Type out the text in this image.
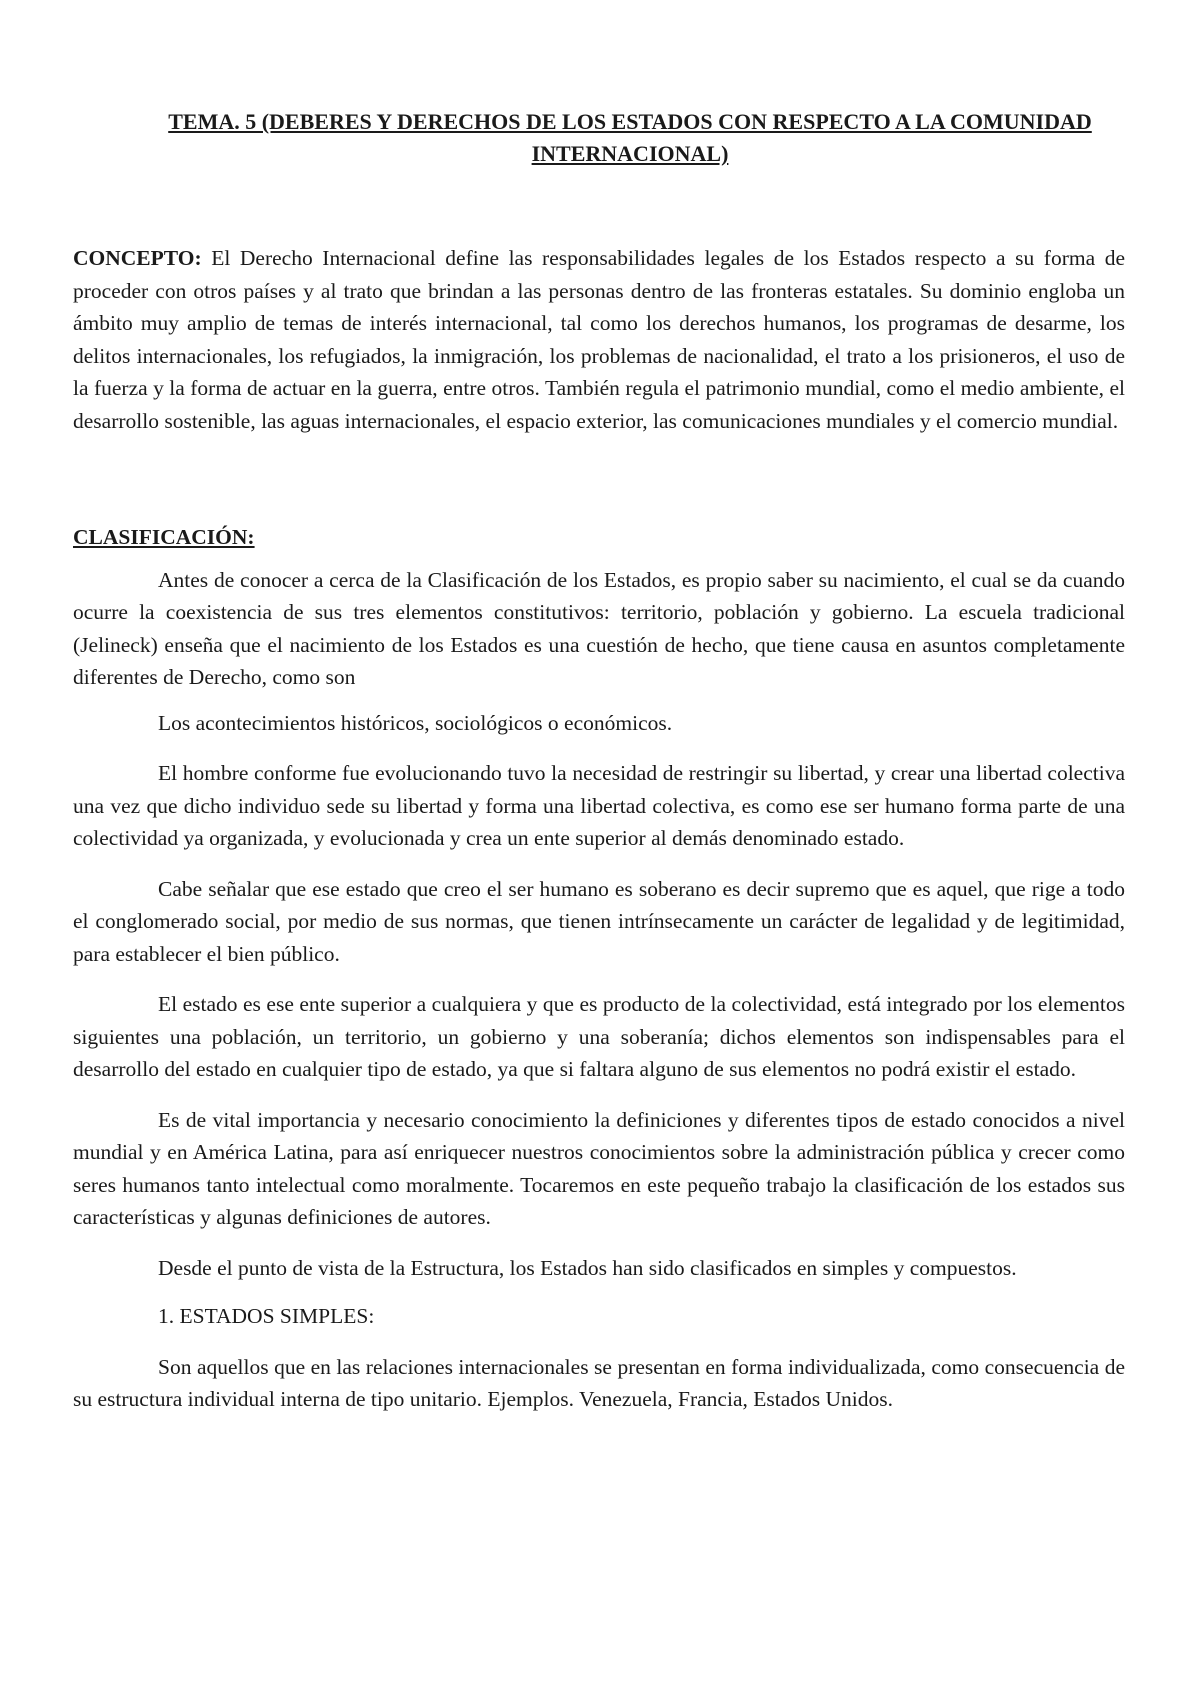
TEMA. 5 (DEBERES Y DERECHOS DE LOS ESTADOS CON RESPECTO A LA COMUNIDAD INTERNACIONAL)

CONCEPTO: El Derecho Internacional define las responsabilidades legales de los Estados respecto a su forma de proceder con otros países y al trato que brindan a las personas dentro de las fronteras estatales. Su dominio engloba un ámbito muy amplio de temas de interés internacional, tal como los derechos humanos, los programas de desarme, los delitos internacionales, los refugiados, la inmigración, los problemas de nacionalidad, el trato a los prisioneros, el uso de la fuerza y la forma de actuar en la guerra, entre otros. También regula el patrimonio mundial, como el medio ambiente, el desarrollo sostenible, las aguas internacionales, el espacio exterior, las comunicaciones mundiales y el comercio mundial.

CLASIFICACIÓN:

Antes de conocer a cerca de la Clasificación de los Estados, es propio saber su nacimiento, el cual se da cuando ocurre la coexistencia de sus tres elementos constitutivos: territorio, población y gobierno. La escuela tradicional (Jelineck) enseña que el nacimiento de los Estados es una cuestión de hecho, que tiene causa en asuntos completamente diferentes de Derecho, como son

Los acontecimientos históricos, sociológicos o económicos.

El hombre conforme fue evolucionando tuvo la necesidad de restringir su libertad, y crear una libertad colectiva una vez que dicho individuo sede su libertad y forma una libertad colectiva, es como ese ser humano forma parte de una colectividad ya organizada, y evolucionada y crea un ente superior al demás denominado estado.

Cabe señalar que ese estado que creo el ser humano es soberano es decir supremo que es aquel, que rige a todo el conglomerado social, por medio de sus normas, que tienen intrínsecamente un carácter de legalidad y de legitimidad, para establecer el bien público.

El estado es ese ente superior a cualquiera y que es producto de la colectividad, está integrado por los elementos siguientes una población, un territorio, un gobierno y una soberanía; dichos elementos son indispensables para el desarrollo del estado en cualquier tipo de estado, ya que si faltara alguno de sus elementos no podrá existir el estado.

Es de vital importancia y necesario conocimiento la definiciones y diferentes tipos de estado conocidos a nivel mundial y en América Latina, para así enriquecer nuestros conocimientos sobre la administración pública y crecer como seres humanos tanto intelectual como moralmente. Tocaremos en este pequeño trabajo la clasificación de los estados sus características y algunas definiciones de autores.

Desde el punto de vista de la Estructura, los Estados han sido clasificados en simples y compuestos.

1. ESTADOS SIMPLES:

Son aquellos que en las relaciones internacionales se presentan en forma individualizada, como consecuencia de su estructura individual interna de tipo unitario. Ejemplos. Venezuela, Francia, Estados Unidos.
